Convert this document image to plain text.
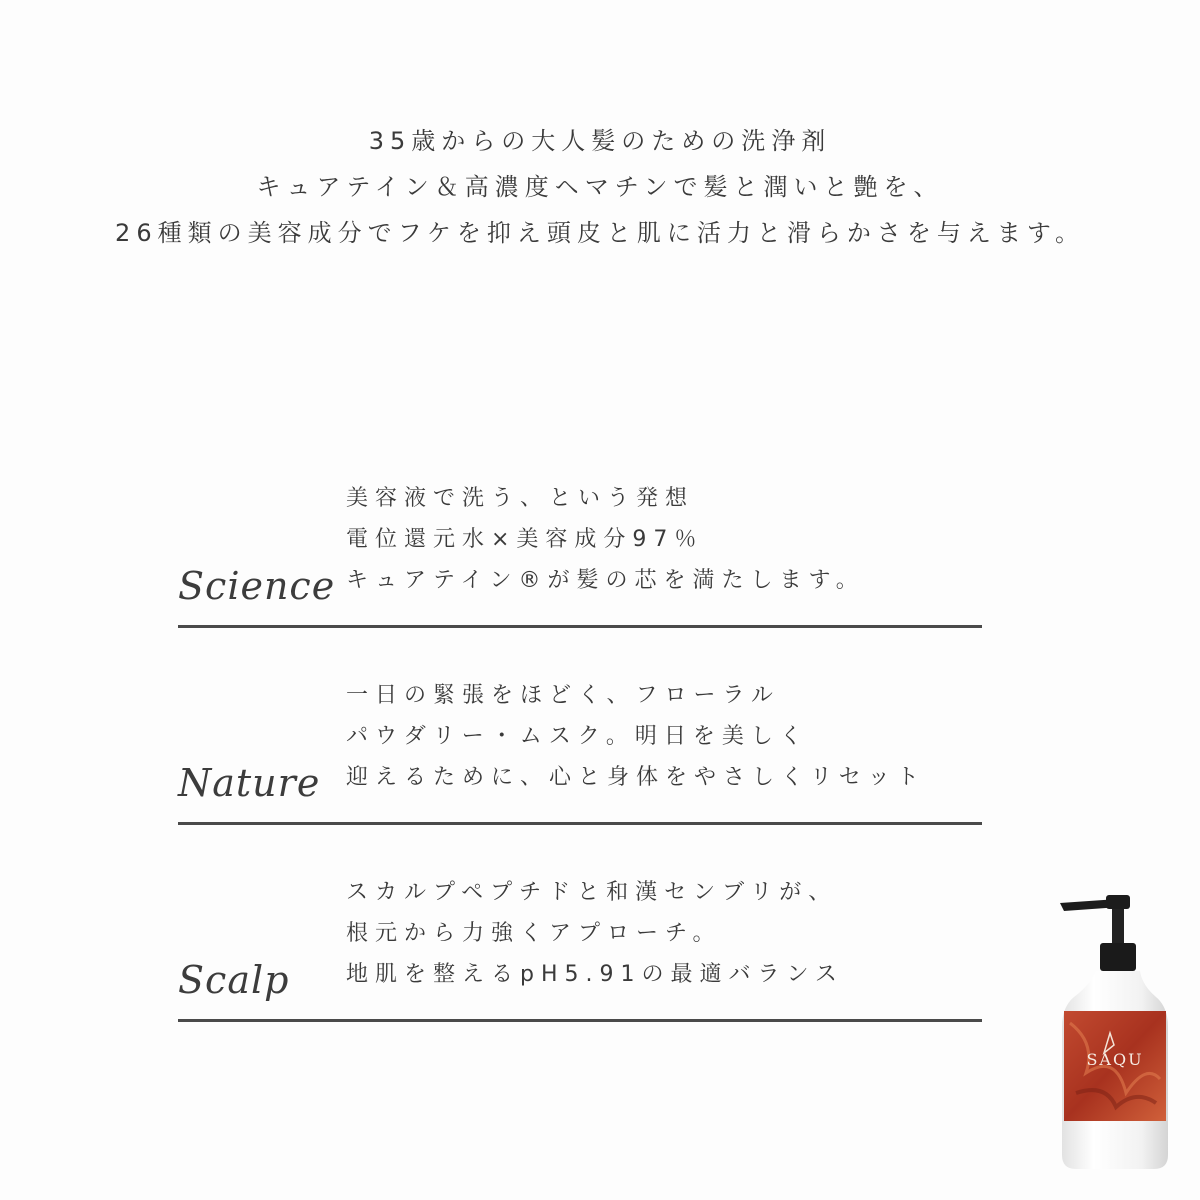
35歳からの大人髪のための洗浄剤
キュアテイン＆高濃度ヘマチンで髪と潤いと艶を、
26種類の美容成分でフケを抑え頭皮と肌に活力と滑らかさを与えます。
美容液で洗う、という発想
電位還元水×美容成分97％
キュアテイン®が髪の芯を満たします。
Science
一日の緊張をほどく、フローラル
パウダリー・ムスク。明日を美しく
迎えるために、心と身体をやさしくリセット
Nature
スカルプペプチドと和漢センブリが、
根元から力強くアプローチ。
地肌を整えるpH5.91の最適バランス
Scalp
SAQU
